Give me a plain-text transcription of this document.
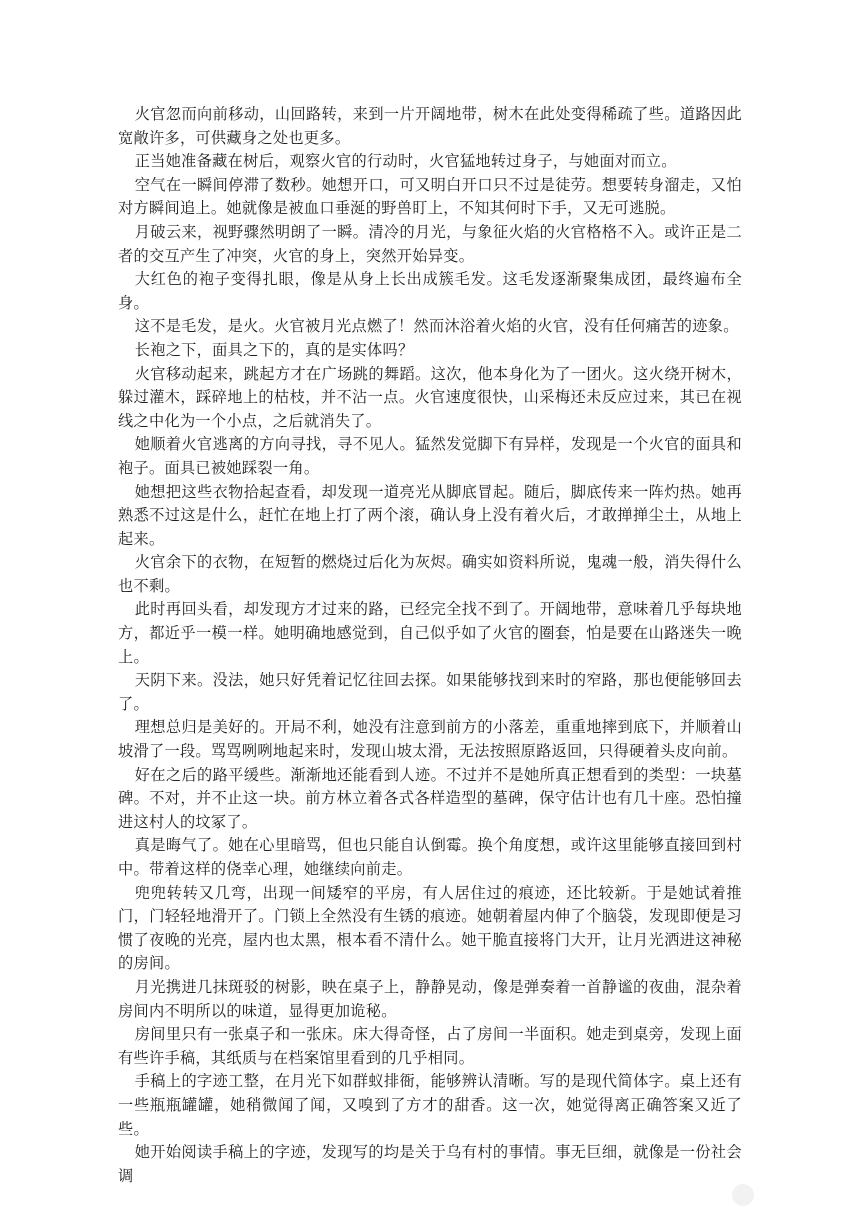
火官忽而向前移动，山回路转，来到一片开阔地带，树木在此处变得稀疏了些。道路因此宽敞许多，可供藏身之处也更多。

正当她准备藏在树后，观察火官的行动时，火官猛地转过身子，与她面对而立。

空气在一瞬间停滞了数秒。她想开口，可又明白开口只不过是徒劳。想要转身溜走，又怕对方瞬间追上。她就像是被血口垂涎的野兽盯上，不知其何时下手，又无可逃脱。

月破云来，视野骤然明朗了一瞬。清冷的月光，与象征火焰的火官格格不入。或许正是二者的交互产生了冲突，火官的身上，突然开始异变。

大红色的袍子变得扎眼，像是从身上长出成簇毛发。这毛发逐渐聚集成团，最终遍布全身。

这不是毛发，是火。火官被月光点燃了！然而沐浴着火焰的火官，没有任何痛苦的迹象。

长袍之下，面具之下的，真的是实体吗？

火官移动起来，跳起方才在广场跳的舞蹈。这次，他本身化为了一团火。这火绕开树木，躲过灌木，踩碎地上的枯枝，并不沾一点。火官速度很快，山采梅还未反应过来，其已在视线之中化为一个小点，之后就消失了。

她顺着火官逃离的方向寻找，寻不见人。猛然发觉脚下有异样，发现是一个火官的面具和袍子。面具已被她踩裂一角。

她想把这些衣物拾起查看，却发现一道亮光从脚底冒起。随后，脚底传来一阵灼热。她再熟悉不过这是什么，赶忙在地上打了两个滚，确认身上没有着火后，才敢掸掸尘土，从地上起来。

火官余下的衣物，在短暂的燃烧过后化为灰烬。确实如资料所说，鬼魂一般，消失得什么也不剩。

此时再回头看，却发现方才过来的路，已经完全找不到了。开阔地带，意味着几乎每块地方，都近乎一模一样。她明确地感觉到，自己似乎如了火官的圈套，怕是要在山路迷失一晚上。

天阴下来。没法，她只好凭着记忆往回去探。如果能够找到来时的窄路，那也便能够回去了。

理想总归是美好的。开局不利，她没有注意到前方的小落差，重重地摔到底下，并顺着山坡滑了一段。骂骂咧咧地起来时，发现山坡太滑，无法按照原路返回，只得硬着头皮向前。

好在之后的路平缓些。渐渐地还能看到人迹。不过并不是她所真正想看到的类型：一块墓碑。不对，并不止这一块。前方林立着各式各样造型的墓碑，保守估计也有几十座。恐怕撞进这村人的坟冢了。

真是晦气了。她在心里暗骂，但也只能自认倒霉。换个角度想，或许这里能够直接回到村中。带着这样的侥幸心理，她继续向前走。

兜兜转转又几弯，出现一间矮窄的平房，有人居住过的痕迹，还比较新。于是她试着推门，门轻轻地滑开了。门锁上全然没有生锈的痕迹。她朝着屋内伸了个脑袋，发现即便是习惯了夜晚的光亮，屋内也太黑，根本看不清什么。她干脆直接将门大开，让月光洒进这神秘的房间。

月光携进几抹斑驳的树影，映在桌子上，静静晃动，像是弹奏着一首静谧的夜曲，混杂着房间内不明所以的味道，显得更加诡秘。

房间里只有一张桌子和一张床。床大得奇怪，占了房间一半面积。她走到桌旁，发现上面有些许手稿，其纸质与在档案馆里看到的几乎相同。

手稿上的字迹工整，在月光下如群蚁排衙，能够辨认清晰。写的是现代简体字。桌上还有一些瓶瓶罐罐，她稍微闻了闻，又嗅到了方才的甜香。这一次，她觉得离正确答案又近了些。

她开始阅读手稿上的字迹，发现写的均是关于乌有村的事情。事无巨细，就像是一份社会调
